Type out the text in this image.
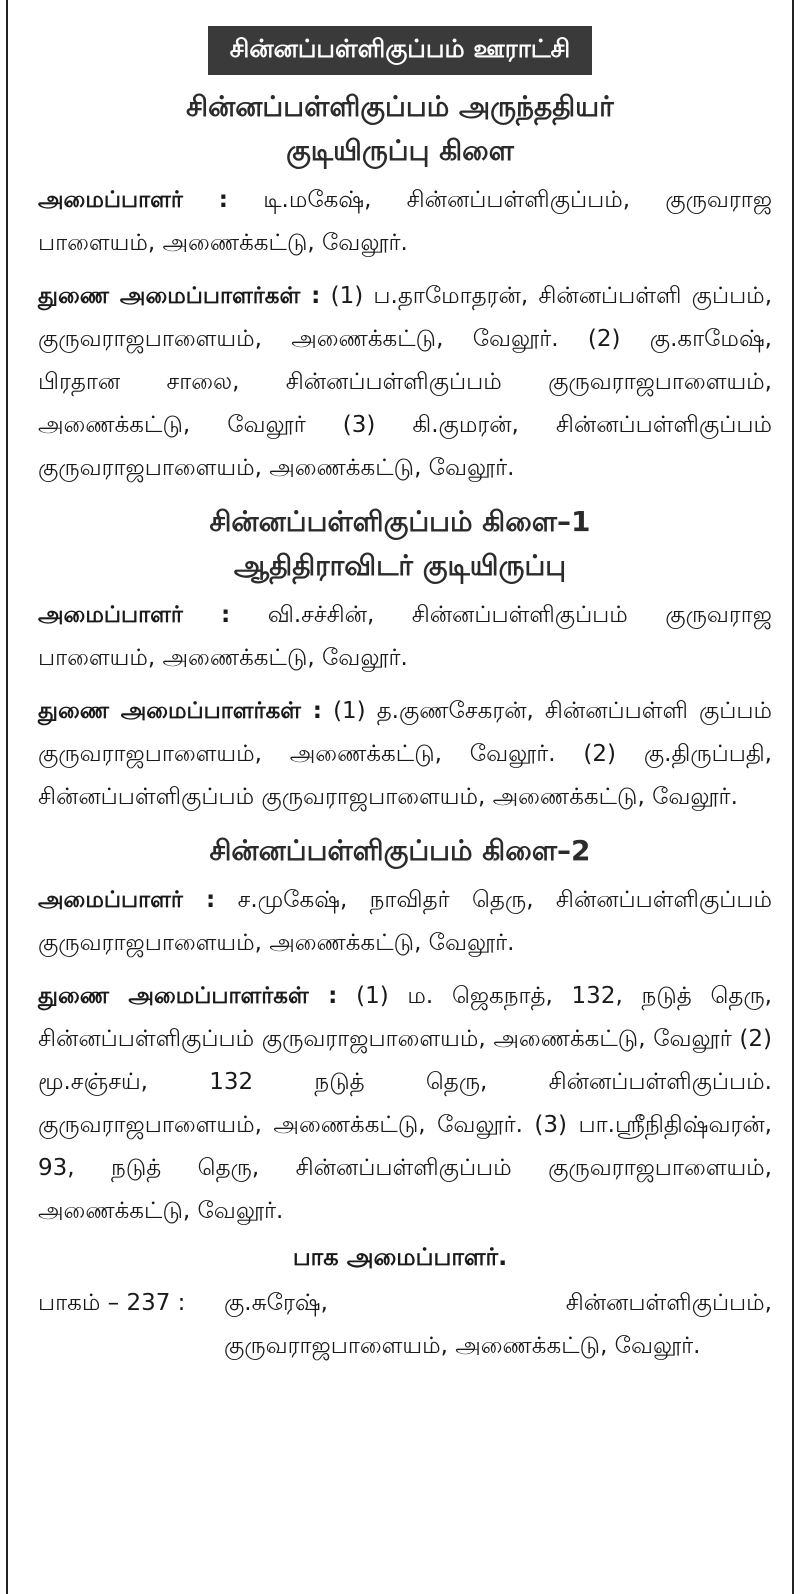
சின்னப்பள்ளிகுப்பம் ஊராட்சி
சின்னப்பள்ளிகுப்பம் அருந்ததியர்
குடியிருப்பு கிளை

அமைப்பாளர் : டி.மகேஷ், சின்னப்பள்ளிகுப்பம், குருவராஜ பாளையம், அணைக்கட்டு, வேலூர்.

துணை அமைப்பாளர்கள் : (1) ப.தாமோதரன், சின்னப்பள்ளி குப்பம், குருவராஜபாளையம், அணைக்கட்டு, வேலூர். (2) கு.காமேஷ், பிரதான சாலை, சின்னப்பள்ளிகுப்பம் குருவராஜபாளையம், அணைக்கட்டு, வேலூர் (3) கி.குமரன், சின்னப்பள்ளிகுப்பம் குருவராஜபாளையம், அணைக்கட்டு, வேலூர்.

சின்னப்பள்ளிகுப்பம் கிளை–1
ஆதிதிராவிடர் குடியிருப்பு

அமைப்பாளர் : வி.சச்சின், சின்னப்பள்ளிகுப்பம் குருவராஜ பாளையம், அணைக்கட்டு, வேலூர்.

துணை அமைப்பாளர்கள் : (1) த.குணசேகரன், சின்னப்பள்ளி குப்பம் குருவராஜபாளையம், அணைக்கட்டு, வேலூர். (2) கு.திருப்பதி, சின்னப்பள்ளிகுப்பம் குருவராஜபாளையம், அணைக்கட்டு, வேலூர்.

சின்னப்பள்ளிகுப்பம் கிளை–2

அமைப்பாளர் : ச.முகேஷ், நாவிதர் தெரு, சின்னப்பள்ளிகுப்பம் குருவராஜபாளையம், அணைக்கட்டு, வேலூர்.

துணை அமைப்பாளர்கள் : (1) ம. ஜெகநாத், 132, நடுத் தெரு, சின்னப்பள்ளிகுப்பம் குருவராஜபாளையம், அணைக்கட்டு, வேலூர் (2) மூ.சஞ்சய், 132 நடுத் தெரு, சின்னப்பள்ளிகுப்பம். குருவராஜபாளையம், அணைக்கட்டு, வேலூர். (3) பா.ஸ்ரீநிதிஷ்வரன், 93, நடுத் தெரு, சின்னப்பள்ளிகுப்பம் குருவராஜபாளையம், அணைக்கட்டு, வேலூர்.

பாக அமைப்பாளர்.
பாகம் – 237 :	கு.சுரேஷ், சின்னபள்ளிகுப்பம், குருவராஜபாளையம், அணைக்கட்டு, வேலூர்.
